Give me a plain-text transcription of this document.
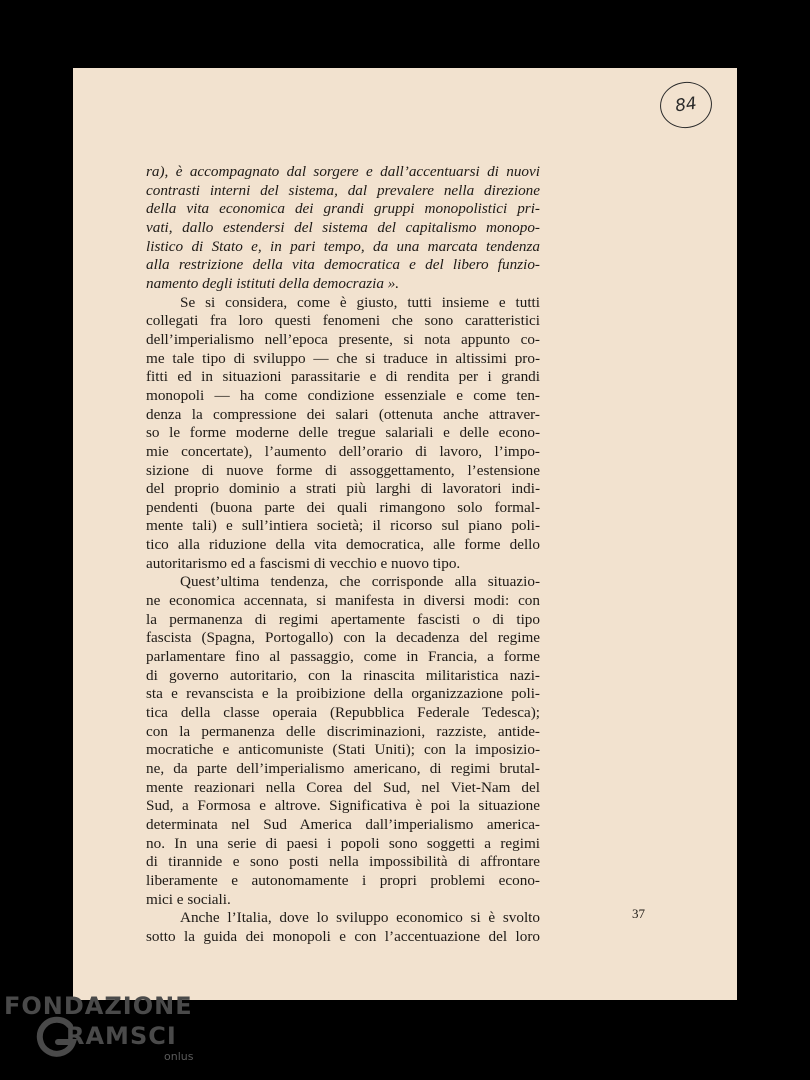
84
ra), è accompagnato dal sorgere e dall’accentuarsi di nuovi
contrasti interni del sistema, dal prevalere nella direzione
della vita economica dei grandi gruppi monopolistici pri-
vati, dallo estendersi del sistema del capitalismo monopo-
listico di Stato e, in pari tempo, da una marcata tendenza
alla restrizione della vita democratica e del libero funzio-
namento degli istituti della democrazia ».
Se si considera, come è giusto, tutti insieme e tutti
collegati fra loro questi fenomeni che sono caratteristici
dell’imperialismo nell’epoca presente, si nota appunto co-
me tale tipo di sviluppo — che si traduce in altissimi pro-
fitti ed in situazioni parassitarie e di rendita per i grandi
monopoli — ha come condizione essenziale e come ten-
denza la compressione dei salari (ottenuta anche attraver-
so le forme moderne delle tregue salariali e delle econo-
mie concertate), l’aumento dell’orario di lavoro, l’impo-
sizione di nuove forme di assoggettamento, l’estensione
del proprio dominio a strati più larghi di lavoratori indi-
pendenti (buona parte dei quali rimangono solo formal-
mente tali) e sull’intiera società; il ricorso sul piano poli-
tico alla riduzione della vita democratica, alle forme dello
autoritarismo ed a fascismi di vecchio e nuovo tipo.
Quest’ultima tendenza, che corrisponde alla situazio-
ne economica accennata, si manifesta in diversi modi: con
la permanenza di regimi apertamente fascisti o di tipo
fascista (Spagna, Portogallo) con la decadenza del regime
parlamentare fino al passaggio, come in Francia, a forme
di governo autoritario, con la rinascita militaristica nazi-
sta e revanscista e la proibizione della organizzazione poli-
tica della classe operaia (Repubblica Federale Tedesca);
con la permanenza delle discriminazioni, razziste, antide-
mocratiche e anticomuniste (Stati Uniti); con la imposizio-
ne, da parte dell’imperialismo americano, di regimi brutal-
mente reazionari nella Corea del Sud, nel Viet-Nam del
Sud, a Formosa e altrove. Significativa è poi la situazione
determinata nel Sud America dall’imperialismo america-
no. In una serie di paesi i popoli sono soggetti a regimi
di tirannide e sono posti nella impossibilità di affrontare
liberamente e autonomamente i propri problemi econo-
mici e sociali.
Anche l’Italia, dove lo sviluppo economico si è svolto
sotto la guida dei monopoli e con l’accentuazione del loro
37
FONDAZIONE
RAMSCI
onlus
